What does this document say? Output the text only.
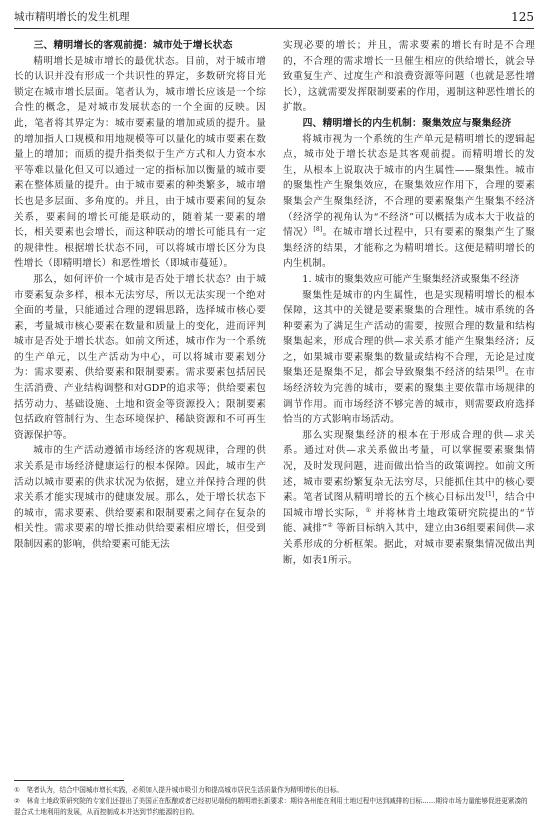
城市精明增长的发生机理	125
三、精明增长的客观前提：城市处于增长状态

精明增长是城市增长的最优状态。目前，对于城市增长的认识并没有形成一个共识性的界定，多数研究将目光锁定在城市增长层面。笔者认为，城市增长应该是一个综合性的概念，是对城市发展状态的一个全面的反映。因此，笔者将其界定为：城市要素量的增加或质的提升。量的增加指人口规模和用地规模等可以量化的城市要素在数量上的增加；而质的提升指类似于生产方式和人力资本水平等难以量化但又可以通过一定的指标加以衡量的城市要素在整体质量的提升。由于城市要素的种类繁多，城市增长也是多层面、多角度的。并且，由于城市要素间的复杂关系，要素间的增长可能是联动的，随着某一要素的增长，相关要素也会增长，而这种联动的增长可能具有一定的规律性。根据增长状态不同，可以将城市增长区分为良性增长（即精明增长）和恶性增长（即城市蔓延）。

那么，如何评价一个城市是否处于增长状态？由于城市要素复杂多样，根本无法穷尽，所以无法实现一个绝对全面的考量，只能通过合理的逻辑思路，选择城市核心要素，考量城市核心要素在数量和质量上的变化，进而评判城市是否处于增长状态。如前文所述，城市作为一个系统的生产单元，以生产活动为中心，可以将城市要素划分为：需求要素、供给要素和限制要素。需求要素包括居民生活消费、产业结构调整和对GDP的追求等；供给要素包括劳动力、基础设施、土地和资金等资源投入；限制要素包括政府管制行为、生态环境保护、稀缺资源和不可再生资源保护等。

城市的生产活动遵循市场经济的客观规律，合理的供求关系是市场经济健康运行的根本保障。因此，城市生产活动以城市要素的供求状况为依据，建立并保持合理的供求关系才能实现城市的健康发展。那么，处于增长状态下的城市，需求要素、供给要素和限制要素之间存在复杂的相关性。需求要素的增长推动供给要素相应增长，但受到限制因素的影响，供给要素可能无法

实现必要的增长；并且，需求要素的增长有时是不合理的，不合理的需求增长一旦催生相应的供给增长，就会导致重复生产、过度生产和浪费资源等问题（也就是恶性增长），这就需要发挥限制要素的作用，遏制这种恶性增长的扩散。

四、精明增长的内生机制：聚集效应与聚集经济

将城市视为一个系统的生产单元是精明增长的逻辑起点，城市处于增长状态是其客观前提。而精明增长的发生，从根本上说取决于城市的内生属性——聚集性。城市的聚集性产生聚集效应，在聚集效应作用下，合理的要素聚集会产生聚集经济，不合理的要素聚集产生聚集不经济（经济学的视角认为“不经济”可以概括为成本大于收益的情况）[8]。在城市增长过程中，只有要素的聚集产生了聚集经济的结果，才能称之为精明增长。这便是精明增长的内生机制。

1. 城市的聚集效应可能产生聚集经济或聚集不经济

聚集性是城市的内生属性，也是实现精明增长的根本保障，这其中的关键是要素聚集的合理性。城市系统的各种要素为了满足生产活动的需要，按照合理的数量和结构聚集起来，形成合理的供—求关系才能产生聚集经济；反之，如果城市要素聚集的数量或结构不合理，无论是过度聚集还是聚集不足，都会导致聚集不经济的结果[9]。在市场经济较为完善的城市，要素的聚集主要依靠市场规律的调节作用。而市场经济不够完善的城市，则需要政府选择恰当的方式影响市场活动。

那么实现聚集经济的根本在于形成合理的供—求关系。通过对供—求关系做出考量，可以掌握要素聚集情况，及时发现问题，进而做出恰当的政策调控。如前文所述，城市要素纷繁复杂无法穷尽，只能抓住其中的核心要素。笔者试图从精明增长的五个核心目标出发[1]，结合中国城市增长实际，① 并将林肯土地政策研究院提出的“节能、减排”② 等新目标纳入其中，建立由36组要素间供—求关系形成的分析框架。据此，对城市要素聚集情况做出判断，如表1所示。

①　笔者认为，结合中国城市增长实践，必须加入提升城市吸引力和提高城市居民生活质量作为精明增长的目标。
②　林肯土地政策研究院的专家们还提出了美国正在酝酿或者已经初见端倪的精明增长新要求：期待各州能在利用土地过程中达到减排的目标……期待市场力量能够促进更紧凑的混合式土地利用的发展，从而控制成本并达到节约能源的目的。
